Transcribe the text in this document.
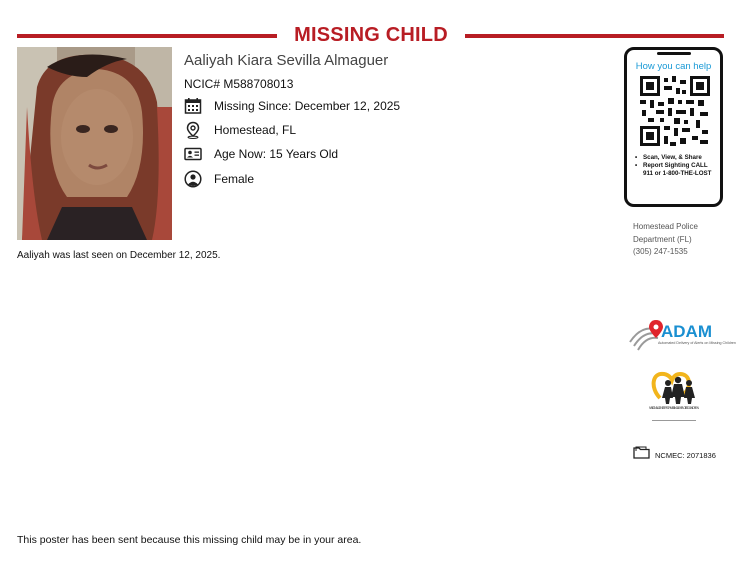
MISSING CHILD
Aaliyah Kiara Sevilla Almaguer
NCIC# M588708013
Missing Since: December 12, 2025
Homestead, FL
Age Now: 15 Years Old
Female
Aaliyah was last seen on December 12, 2025.
How you can help
• Scan, View, & Share
• Report Sighting CALL 911 or 1-800-THE-LOST
Homestead Police
Department (FL)
(305) 247-1535
ADAM
Automated Delivery of Alerts on Missing Children
NATIONAL CENTER FOR MISSING & EXPLOITED CHILDREN
NCMEC: 2071836
This poster has been sent because this missing child may be in your area.
